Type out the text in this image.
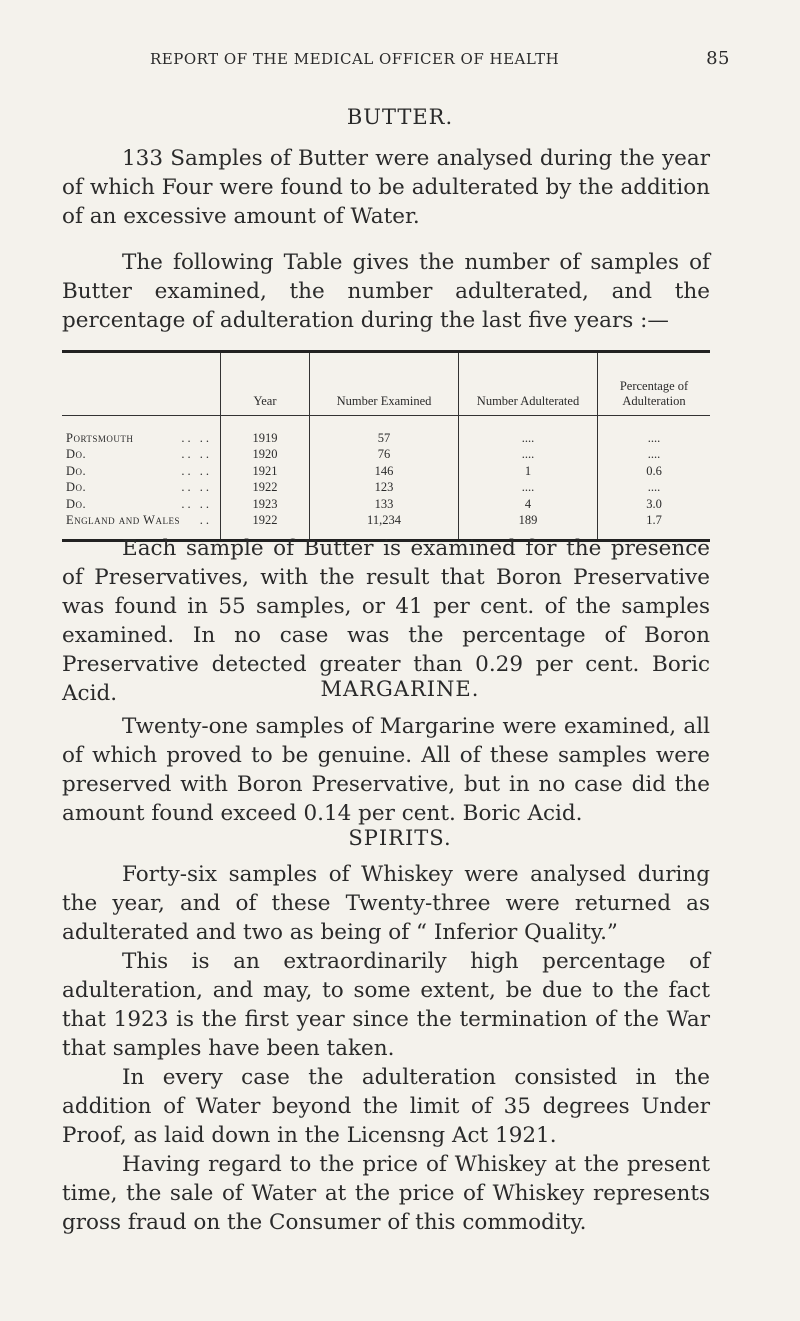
REPORT OF THE MEDICAL OFFICER OF HEALTH	85
BUTTER.

133 Samples of Butter were analysed during the year of which Four were found to be adulterated by the addition of an excessive amount of Water.

The following Table gives the number of samples of Butter examined, the number adulterated, and the percentage of adulteration during the last five years :—

	Year	Number Examined	Number Adulterated	Percentage of Adulteration
Portsmouth .. ..	1919	57	....	....
Do. .. ..	1920	76	....	....
Do. .. ..	1921	146	1	0.6
Do. .. ..	1922	123	....	....
Do. .. ..	1923	133	4	3.0
England and Wales ..	1922	11,234	189	1.7

Each sample of Butter is examined for the presence of Preservatives, with the result that Boron Preservative was found in 55 samples, or 41 per cent. of the samples examined. In no case was the percentage of Boron Preservative detected greater than 0.29 per cent. Boric Acid.	MARGARINE.

Twenty-one samples of Margarine were examined, all of which proved to be genuine. All of these samples were preserved with Boron Preservative, but in no case did the amount found exceed 0.14 per cent. Boric Acid.

SPIRITS.

Forty-six samples of Whiskey were analysed during the year, and of these Twenty-three were returned as adulterated and two as being of “ Inferior Quality.”

This is an extraordinarily high percentage of adulteration, and may, to some extent, be due to the fact that 1923 is the first year since the termination of the War that samples have been taken.

In every case the adulteration consisted in the addition of Water beyond the limit of 35 degrees Under Proof, as laid down in the Licensng Act 1921.

Having regard to the price of Whiskey at the present time, the sale of Water at the price of Whiskey represents gross fraud on the Consumer of this commodity.
